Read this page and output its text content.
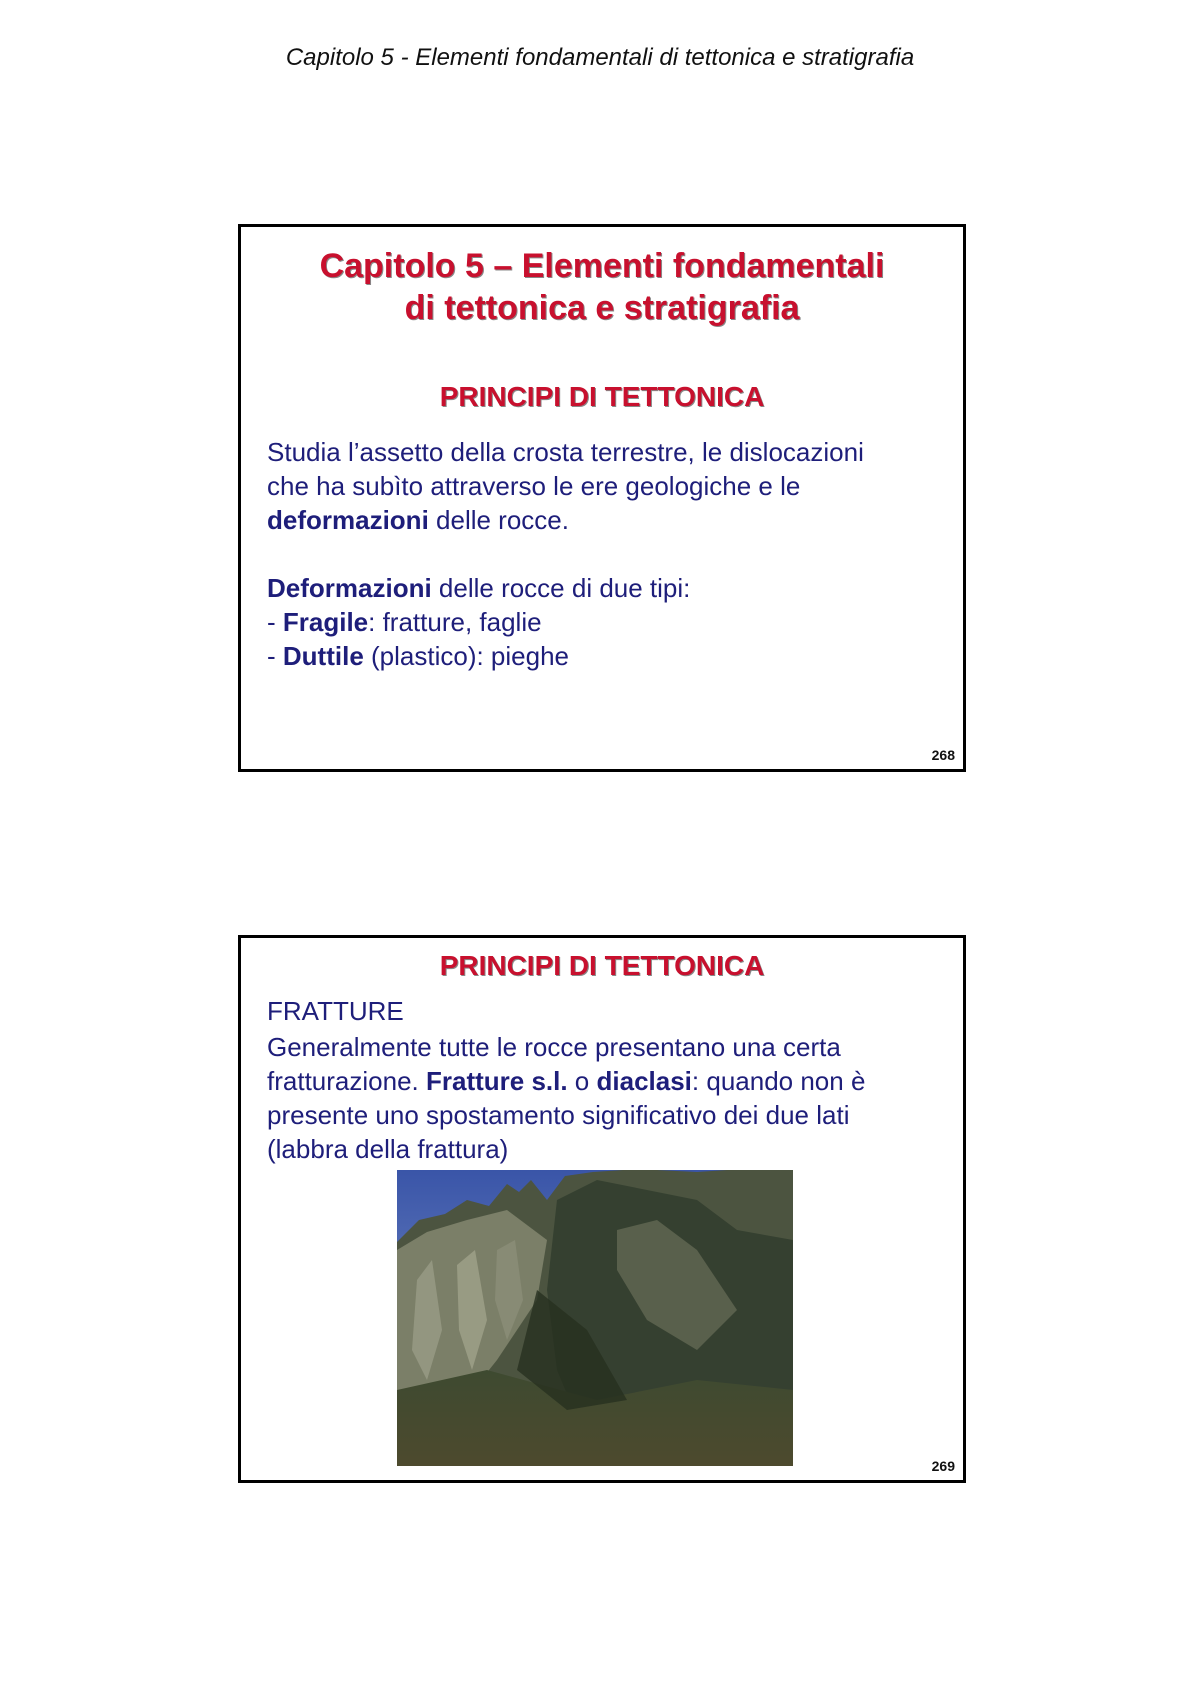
Capitolo 5 - Elementi fondamentali di tettonica e stratigrafia
Capitolo 5 – Elementi fondamentali
di tettonica e stratigrafia
PRINCIPI DI TETTONICA
Studia l’assetto della crosta terrestre, le dislocazioni
che ha subìto attraverso le ere geologiche e le
deformazioni delle rocce.
Deformazioni delle rocce di due tipi:
- Fragile: fratture, faglie
- Duttile (plastico): pieghe
268
PRINCIPI DI TETTONICA
FRATTURE
Generalmente tutte le rocce presentano una certa
fratturazione. Fratture s.l. o diaclasi: quando non è
presente uno spostamento significativo dei due lati
(labbra della frattura)
269
